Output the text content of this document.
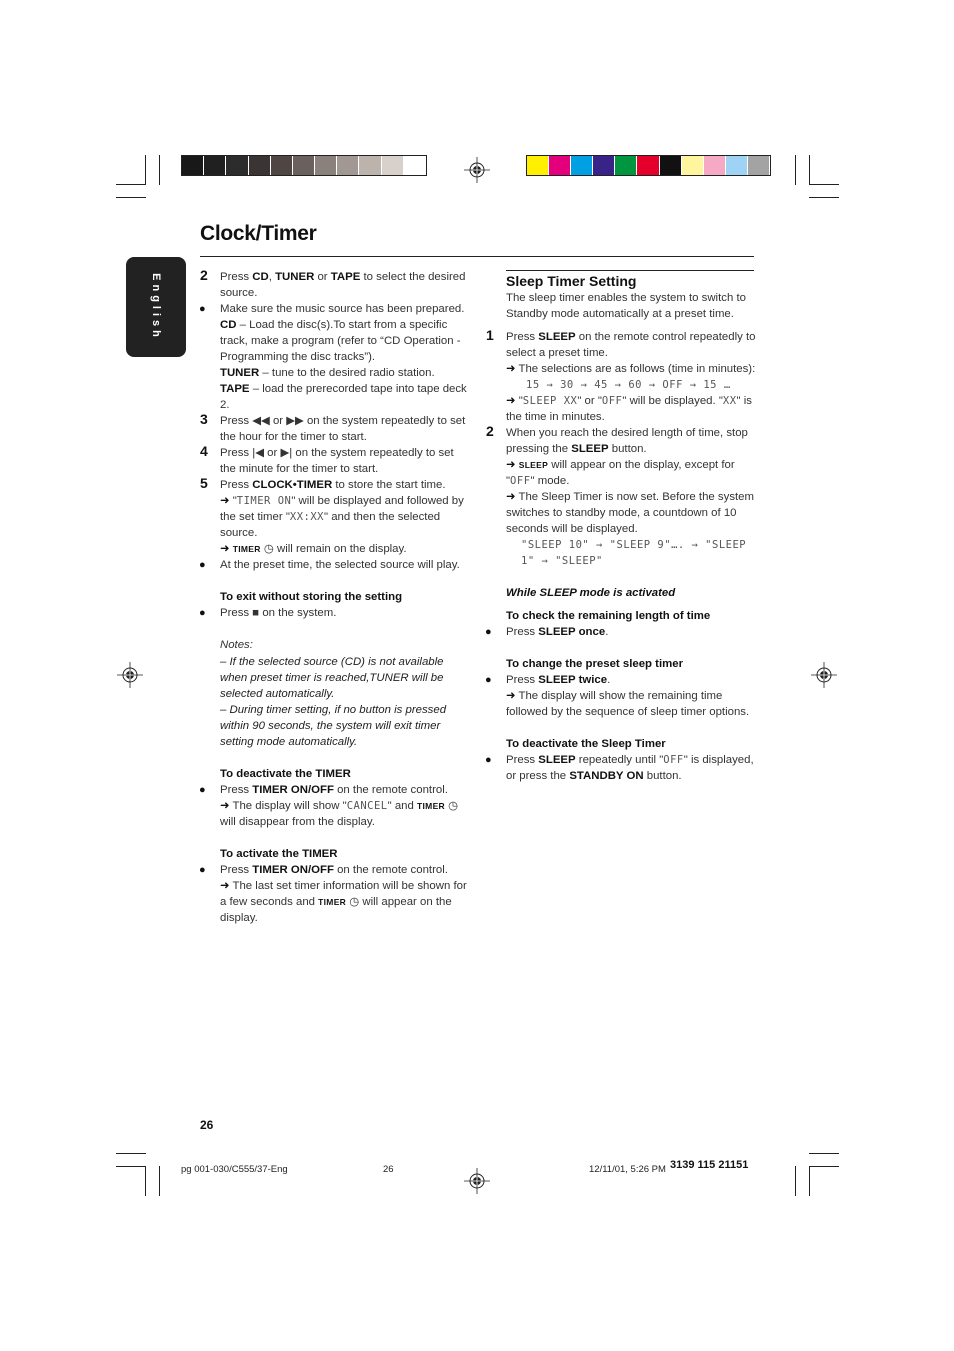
Clock/Timer
English	2 Press CD, TUNER or TAPE to select the desired source.

● Make sure the music source has been prepared.

CD – Load the disc(s).To start from a specific track, make a program (refer to “CD Operation - Programming the disc tracks”).

TUNER – tune to the desired radio station.

TAPE – load the prerecorded tape into tape deck 2.

3 Press ◀◀ or ▶▶ on the system repeatedly to set the hour for the timer to start.

4 Press |◀ or ▶| on the system repeatedly to set the minute for the timer to start.

5 Press CLOCK•TIMER to store the start time.

➜ "TIMER ON" will be displayed and followed by the set timer "XX:XX" and then the selected source.

➜ TIMER ◷ will remain on the display.

● At the preset time, the selected source will play.

To exit without storing the setting

● Press ■ on the system.

Notes:

– If the selected source (CD) is not available when preset timer is reached,TUNER will be selected automatically.

– During timer setting, if no button is pressed within 90 seconds, the system will exit timer setting mode automatically.

To deactivate the TIMER

● Press TIMER ON/OFF on the remote control.

➜ The display will show "CANCEL" and TIMER ◷ will disappear from the display.

To activate the TIMER

● Press TIMER ON/OFF on the remote control.

➜ The last set timer information will be shown for a few seconds and TIMER ◷ will appear on the display.

Sleep Timer Setting

The sleep timer enables the system to switch to Standby mode automatically at a preset time.

1 Press SLEEP on the remote control repeatedly to select a preset time.

➜ The selections are as follows (time in minutes):

15 → 30 → 45 → 60 → OFF → 15 …

➜ "SLEEP XX" or "OFF" will be displayed. "XX" is the time in minutes.

2 When you reach the desired length of time, stop pressing the SLEEP button.

➜ SLEEP will appear on the display, except for "OFF" mode.

➜ The Sleep Timer is now set. Before the system switches to standby mode, a countdown of 10 seconds will be displayed.

"SLEEP 10" → "SLEEP 9"…. → "SLEEP 1" → "SLEEP"

While SLEEP mode is activated

To check the remaining length of time

● Press SLEEP once.

To change the preset sleep timer

● Press SLEEP twice.

➜ The display will show the remaining time followed by the sequence of sleep timer options.

To deactivate the Sleep Timer

● Press SLEEP repeatedly until "OFF" is displayed, or press the STANDBY ON button.

26
pg 001-030/C555/37-Eng	26	12/11/01, 5:26 PM 3139 115 21151
